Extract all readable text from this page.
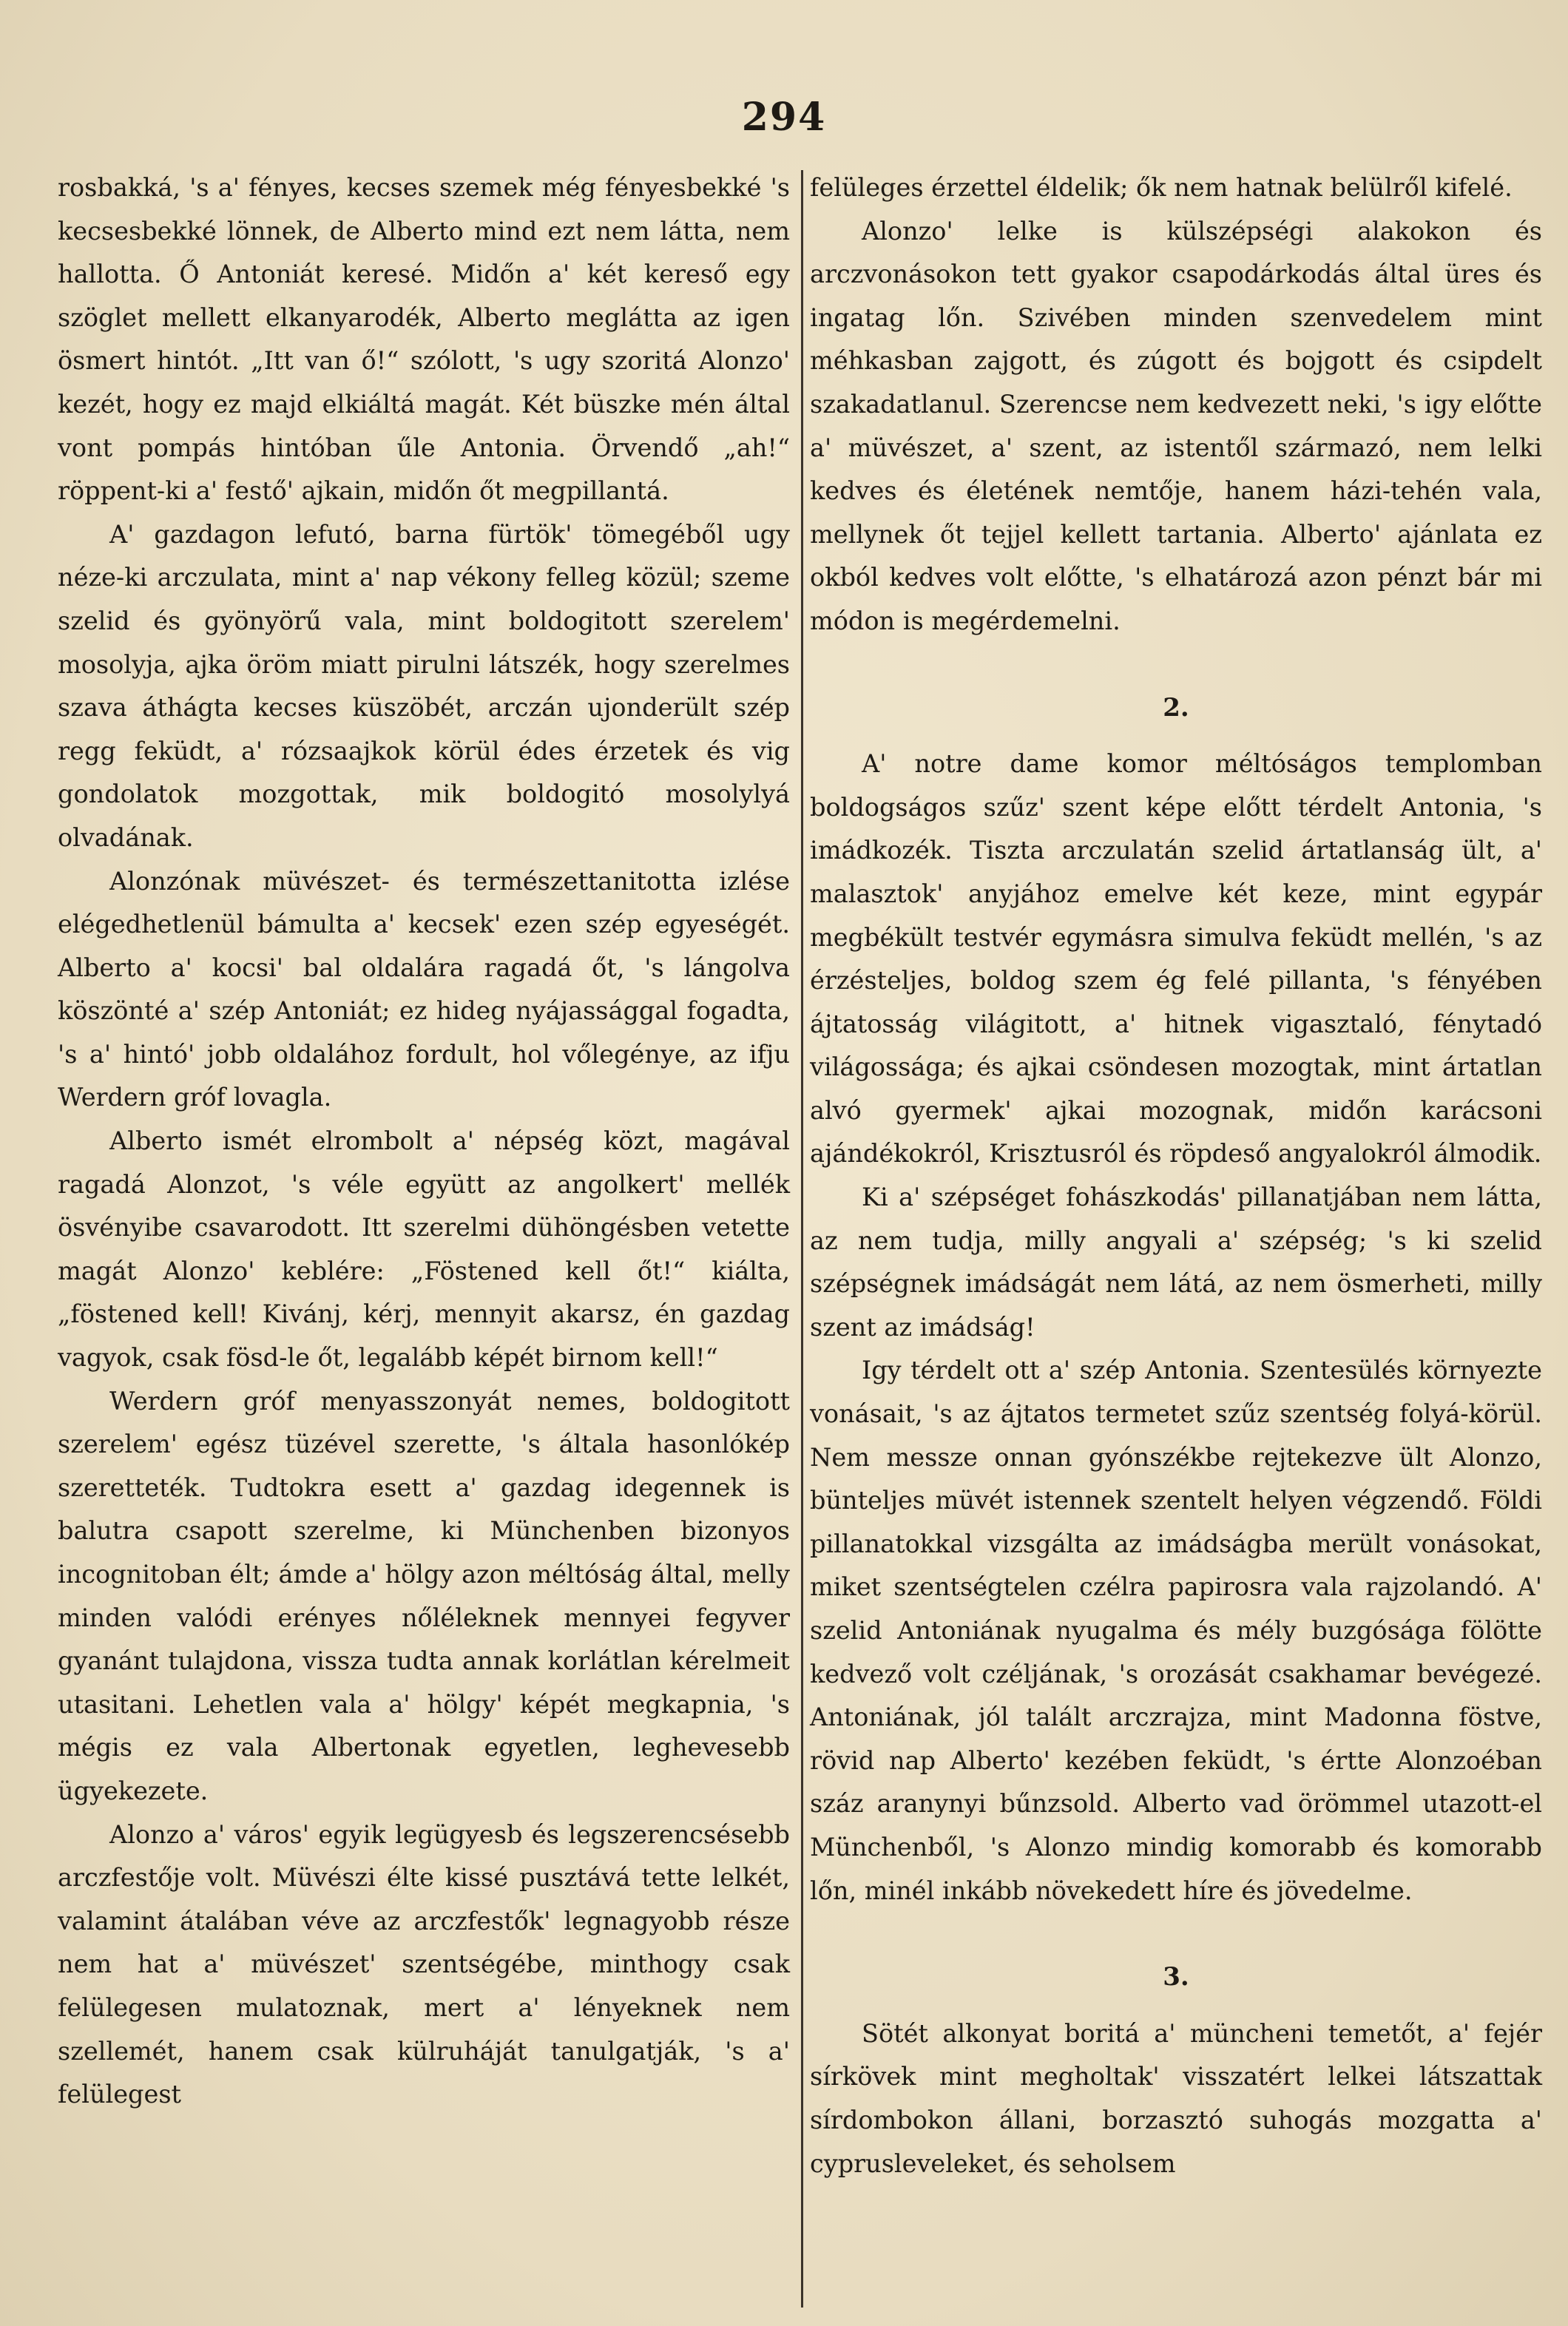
294

rosbakká, 's a' fényes, kecses szemek még fényesbekké 's kecsesbekké lönnek, de Alberto mind ezt nem látta, nem hallotta. Ő Antoniát keresé. Midőn a' két kereső egy szöglet mellett elkanyarodék, Alberto meglátta az igen ösmert hintót. „Itt van ő!“ szólott, 's ugy szoritá Alonzo' kezét, hogy ez majd elkiáltá magát. Két büszke mén által vont pompás hintóban űle Antonia. Örvendő „ah!“ röppent-ki a' festő' ajkain, midőn őt megpillantá.

A' gazdagon lefutó, barna fürtök' tömegéből ugy néze-ki arczulata, mint a' nap vékony felleg közül; szeme szelid és gyönyörű vala, mint boldogitott szerelem' mosolyja, ajka öröm miatt pirulni látszék, hogy szerelmes szava áthágta kecses küszöbét, arczán ujonderült szép regg feküdt, a' rózsaajkok körül édes érzetek és vig gondolatok mozgottak, mik boldogitó mosolylyá olvadának.

Alonzónak müvészet- és természettanitotta izlése elégedhetlenül bámulta a' kecsek' ezen szép egyeségét. Alberto a' kocsi' bal oldalára ragadá őt, 's lángolva köszönté a' szép Antoniát; ez hideg nyájassággal fogadta, 's a' hintó' jobb oldalához fordult, hol vőlegénye, az ifju Werdern gróf lovagla.

Alberto ismét elrombolt a' népség közt, magával ragadá Alonzot, 's véle együtt az angolkert' mellék ösvényibe csavarodott. Itt szerelmi dühöngésben vetette magát Alonzo' keblére: „Föstened kell őt!“ kiálta, „föstened kell! Kivánj, kérj, mennyit akarsz, én gazdag vagyok, csak fösd-le őt, legalább képét birnom kell!“

Werdern gróf menyasszonyát nemes, boldogitott szerelem' egész tüzével szerette, 's általa hasonlókép szeretteték. Tudtokra esett a' gazdag idegennek is balutra csapott szerelme, ki Münchenben bizonyos incognitoban élt; ámde a' hölgy azon méltóság által, melly minden valódi erényes nőléleknek mennyei fegyver gyanánt tulajdona, vissza tudta annak korlátlan kérelmeit utasitani. Lehetlen vala a' hölgy' képét megkapnia, 's mégis ez vala Albertonak egyetlen, leghevesebb ügyekezete.

Alonzo a' város' egyik legügyesb és legszerencsésebb arczfestője volt. Müvészi élte kissé pusztává tette lelkét, valamint átalában véve az arczfestők' legnagyobb része nem hat a' müvészet' szentségébe, minthogy csak felülegesen mulatoznak, mert a' lényeknek nem szellemét, hanem csak külruháját tanulgatják, 's a' felülegest

felüleges érzettel éldelik; ők nem hatnak belülről kifelé.

Alonzo' lelke is külszépségi alakokon és arczvonásokon tett gyakor csapodárkodás által üres és ingatag lőn. Szivében minden szenvedelem mint méhkasban zajgott, és zúgott és bojgott és csipdelt szakadatlanul. Szerencse nem kedvezett neki, 's igy előtte a' müvészet, a' szent, az istentől származó, nem lelki kedves és életének nemtője, hanem házi-tehén vala, mellynek őt tejjel kellett tartania. Alberto' ajánlata ez okból kedves volt előtte, 's elhatározá azon pénzt bár mi módon is megérdemelni.

2.

A' notre dame komor méltóságos templomban boldogságos szűz' szent képe előtt térdelt Antonia, 's imádkozék. Tiszta arczulatán szelid ártatlanság ült, a' malasztok' anyjához emelve két keze, mint egypár megbékült testvér egymásra simulva feküdt mellén, 's az érzésteljes, boldog szem ég felé pillanta, 's fényében ájtatosság világitott, a' hitnek vigasztaló, fénytadó világossága; és ajkai csöndesen mozogtak, mint ártatlan alvó gyermek' ajkai mozognak, midőn karácsoni ajándékokról, Krisztusról és röpdeső angyalokról álmodik.

Ki a' szépséget fohászkodás' pillanatjában nem látta, az nem tudja, milly angyali a' szépség; 's ki szelid szépségnek imádságát nem látá, az nem ösmerheti, milly szent az imádság!

Igy térdelt ott a' szép Antonia. Szentesülés környezte vonásait, 's az ájtatos termetet szűz szentség folyá-körül. Nem messze onnan gyónszékbe rejtekezve ült Alonzo, bünteljes müvét istennek szentelt helyen végzendő. Földi pillanatokkal vizsgálta az imádságba merült vonásokat, miket szentségtelen czélra papirosra vala rajzolandó. A' szelid Antoniának nyugalma és mély buzgósága fölötte kedvező volt czéljának, 's orozását csakhamar bevégezé. Antoniának, jól talált arczrajza, mint Madonna föstve, rövid nap Alberto' kezében feküdt, 's értte Alonzoéban száz aranynyi bűnzsold. Alberto vad örömmel utazott-el Münchenből, 's Alonzo mindig komorabb és komorabb lőn, minél inkább növekedett híre és jövedelme.

3.

Sötét alkonyat boritá a' müncheni temetőt, a' fejér sírkövek mint megholtak' visszatért lelkei látszattak sírdombokon állani, borzasztó suhogás mozgatta a' cyprusleveleket, és seholsem
